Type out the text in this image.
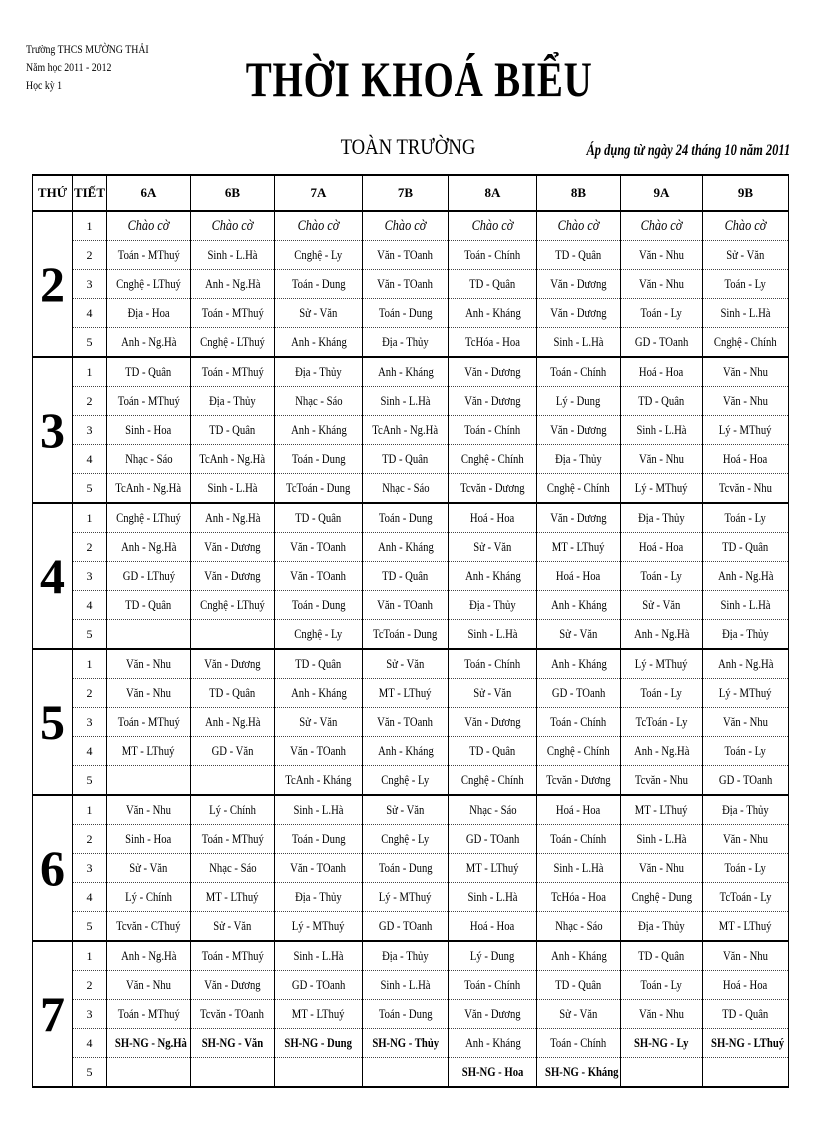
Trường THCS MƯỜNG THẢI
Năm học 2011 - 2012
Học kỳ 1	THỜI KHOÁ BIỂU
TOÀN TRƯỜNG	Áp dụng từ ngày 24 tháng 10 năm 2011
THỨ	TIẾT	6A	6B	7A	7B	8A	8B	9A	9B
2	1	Chào cờ	Chào cờ	Chào cờ	Chào cờ	Chào cờ	Chào cờ	Chào cờ	Chào cờ
	2	Toán - MThuý	Sinh - L.Hà	Cnghệ - Ly	Văn - TOanh	Toán - Chính	TD - Quân	Văn - Nhu	Sử - Văn
	3	Cnghệ - LThuý	Anh - Ng.Hà	Toán - Dung	Văn - TOanh	TD - Quân	Văn - Dương	Văn - Nhu	Toán - Ly
	4	Địa - Hoa	Toán - MThuý	Sử - Văn	Toán - Dung	Anh - Kháng	Văn - Dương	Toán - Ly	Sinh - L.Hà
	5	Anh - Ng.Hà	Cnghệ - LThuý	Anh - Kháng	Địa - Thủy	TcHóa - Hoa	Sinh - L.Hà	GD - TOanh	Cnghệ - Chính
3	1	TD - Quân	Toán - MThuý	Địa - Thủy	Anh - Kháng	Văn - Dương	Toán - Chính	Hoá - Hoa	Văn - Nhu
	2	Toán - MThuý	Địa - Thủy	Nhạc - Sáo	Sinh - L.Hà	Văn - Dương	Lý - Dung	TD - Quân	Văn - Nhu
	3	Sinh - Hoa	TD - Quân	Anh - Kháng	TcAnh - Ng.Hà	Toán - Chính	Văn - Dương	Sinh - L.Hà	Lý - MThuý
	4	Nhạc - Sáo	TcAnh - Ng.Hà	Toán - Dung	TD - Quân	Cnghệ - Chính	Địa - Thủy	Văn - Nhu	Hoá - Hoa
	5	TcAnh - Ng.Hà	Sinh - L.Hà	TcToán - Dung	Nhạc - Sáo	Tcvăn - Dương	Cnghệ - Chính	Lý - MThuý	Tcvăn - Nhu
4	1	Cnghệ - LThuý	Anh - Ng.Hà	TD - Quân	Toán - Dung	Hoá - Hoa	Văn - Dương	Địa - Thủy	Toán - Ly
	2	Anh - Ng.Hà	Văn - Dương	Văn - TOanh	Anh - Kháng	Sử - Văn	MT - LThuý	Hoá - Hoa	TD - Quân
	3	GD - LThuý	Văn - Dương	Văn - TOanh	TD - Quân	Anh - Kháng	Hoá - Hoa	Toán - Ly	Anh - Ng.Hà
	4	TD - Quân	Cnghệ - LThuý	Toán - Dung	Văn - TOanh	Địa - Thủy	Anh - Kháng	Sử - Văn	Sinh - L.Hà
	5			Cnghệ - Ly	TcToán - Dung	Sinh - L.Hà	Sử - Văn	Anh - Ng.Hà	Địa - Thủy
5	1	Văn - Nhu	Văn - Dương	TD - Quân	Sử - Văn	Toán - Chính	Anh - Kháng	Lý - MThuý	Anh - Ng.Hà
	2	Văn - Nhu	TD - Quân	Anh - Kháng	MT - LThuý	Sử - Văn	GD - TOanh	Toán - Ly	Lý - MThuý
	3	Toán - MThuý	Anh - Ng.Hà	Sử - Văn	Văn - TOanh	Văn - Dương	Toán - Chính	TcToán - Ly	Văn - Nhu
	4	MT - LThuý	GD - Văn	Văn - TOanh	Anh - Kháng	TD - Quân	Cnghệ - Chính	Anh - Ng.Hà	Toán - Ly
	5			TcAnh - Kháng	Cnghệ - Ly	Cnghệ - Chính	Tcvăn - Dương	Tcvăn - Nhu	GD - TOanh
6	1	Văn - Nhu	Lý - Chính	Sinh - L.Hà	Sử - Văn	Nhạc - Sáo	Hoá - Hoa	MT - LThuý	Địa - Thủy
	2	Sinh - Hoa	Toán - MThuý	Toán - Dung	Cnghệ - Ly	GD - TOanh	Toán - Chính	Sinh - L.Hà	Văn - Nhu
	3	Sử - Văn	Nhạc - Sáo	Văn - TOanh	Toán - Dung	MT - LThuý	Sinh - L.Hà	Văn - Nhu	Toán - Ly
	4	Lý - Chính	MT - LThuý	Địa - Thủy	Lý - MThuý	Sinh - L.Hà	TcHóa - Hoa	Cnghệ - Dung	TcToán - Ly
	5	Tcvăn - CThuý	Sử - Văn	Lý - MThuý	GD - TOanh	Hoá - Hoa	Nhạc - Sáo	Địa - Thủy	MT - LThuý
7	1	Anh - Ng.Hà	Toán - MThuý	Sinh - L.Hà	Địa - Thủy	Lý - Dung	Anh - Kháng	TD - Quân	Văn - Nhu
	2	Văn - Nhu	Văn - Dương	GD - TOanh	Sinh - L.Hà	Toán - Chính	TD - Quân	Toán - Ly	Hoá - Hoa
	3	Toán - MThuý	Tcvăn - TOanh	MT - LThuý	Toán - Dung	Văn - Dương	Sử - Văn	Văn - Nhu	TD - Quân
	4	SH-NG - Ng.Hà	SH-NG - Văn	SH-NG - Dung	SH-NG - Thủy	Anh - Kháng	Toán - Chính	SH-NG - Ly	SH-NG - LThuý
	5					SH-NG - Hoa	SH-NG - Kháng		
